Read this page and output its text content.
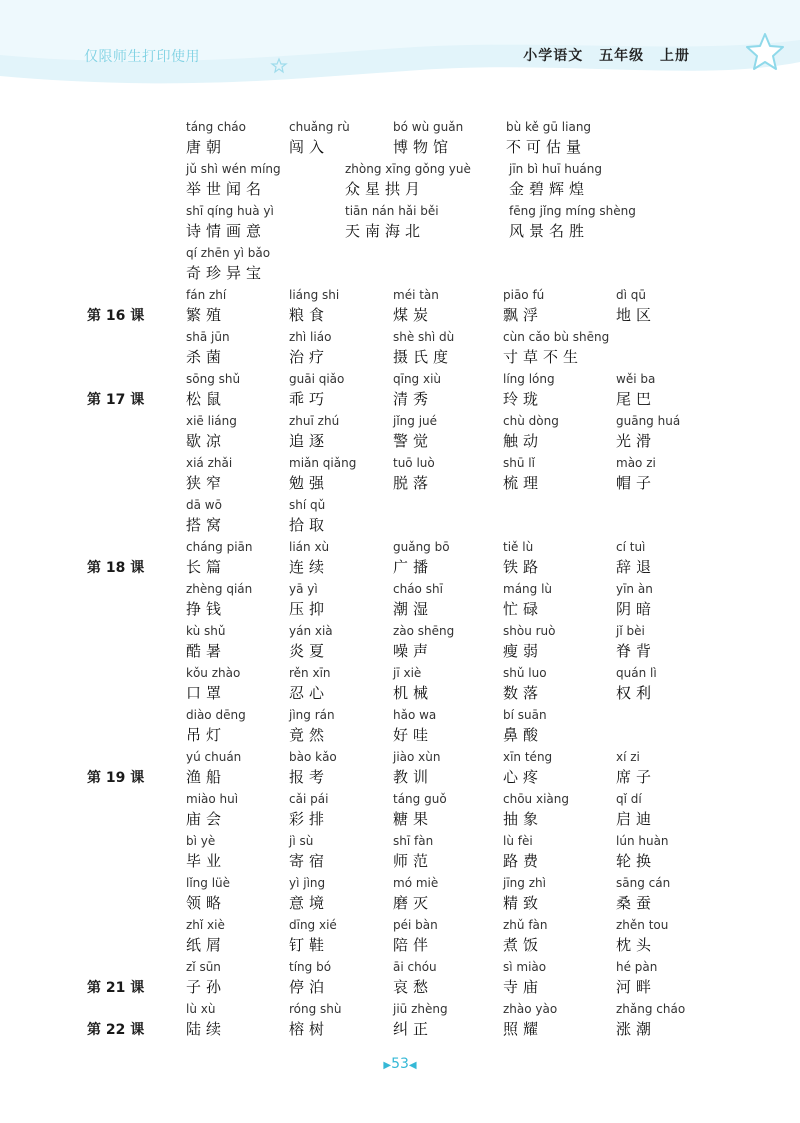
仅限师生打印使用	小学语文 五年级 上册
táng cháo
唐朝
chuǎng rù
闯入
bó wù guǎn
博物馆
bù kě gū liang
不可估量
jǔ shì wén míng
举世闻名
zhòng xīng gǒng yuè
众星拱月
jīn bì huī huáng
金碧辉煌
shī qíng huà yì
诗情画意
tiān nán hǎi běi
天南海北
fēng jǐng míng shèng
风景名胜
qí zhēn yì bǎo
奇珍异宝
第 16 课
fán zhí
繁殖
liáng shi
粮食
méi tàn
煤炭
piāo fú
飘浮
dì qū
地区
shā jūn
杀菌
zhì liáo
治疗
shè shì dù
摄氏度
cùn cǎo bù shēng
寸草不生
第 17 课
sōng shǔ
松鼠
guāi qiǎo
乖巧
qīng xiù
清秀
líng lóng
玲珑
wěi ba
尾巴
xiē liáng
歇凉
zhuī zhú
追逐
jǐng jué
警觉
chù dòng
触动
guāng huá
光滑
xiá zhǎi
狭窄
miǎn qiǎng
勉强
tuō luò
脱落
shū lǐ
梳理
mào zi
帽子
dā wō
搭窝
shí qǔ
拾取
第 18 课
cháng piān
长篇
lián xù
连续
guǎng bō
广播
tiě lù
铁路
cí tuì
辞退
zhèng qián
挣钱
yā yì
压抑
cháo shī
潮湿
máng lù
忙碌
yīn àn
阴暗
kù shǔ
酷暑
yán xià
炎夏
zào shēng
噪声
shòu ruò
瘦弱
jǐ bèi
脊背
kǒu zhào
口罩
rěn xīn
忍心
jī xiè
机械
shǔ luo
数落
quán lì
权利
diào dēng
吊灯
jìng rán
竟然
hǎo wa
好哇
bí suān
鼻酸
第 19 课
yú chuán
渔船
bào kǎo
报考
jiào xùn
教训
xīn téng
心疼
xí zi
席子
miào huì
庙会
cǎi pái
彩排
táng guǒ
糖果
chōu xiàng
抽象
qǐ dí
启迪
bì yè
毕业
jì sù
寄宿
shī fàn
师范
lù fèi
路费
lún huàn
轮换
lǐng lüè
领略
yì jìng
意境
mó miè
磨灭
jīng zhì
精致
sāng cán
桑蚕
zhǐ xiè
纸屑
dīng xié
钉鞋
péi bàn
陪伴
zhǔ fàn
煮饭
zhěn tou
枕头
第 21 课
zǐ sūn
子孙
tíng bó
停泊
āi chóu
哀愁
sì miào
寺庙
hé pàn
河畔
第 22 课
lù xù
陆续
róng shù
榕树
jiū zhèng
纠正
zhào yào
照耀
zhǎng cháo
涨潮
▶53◀
